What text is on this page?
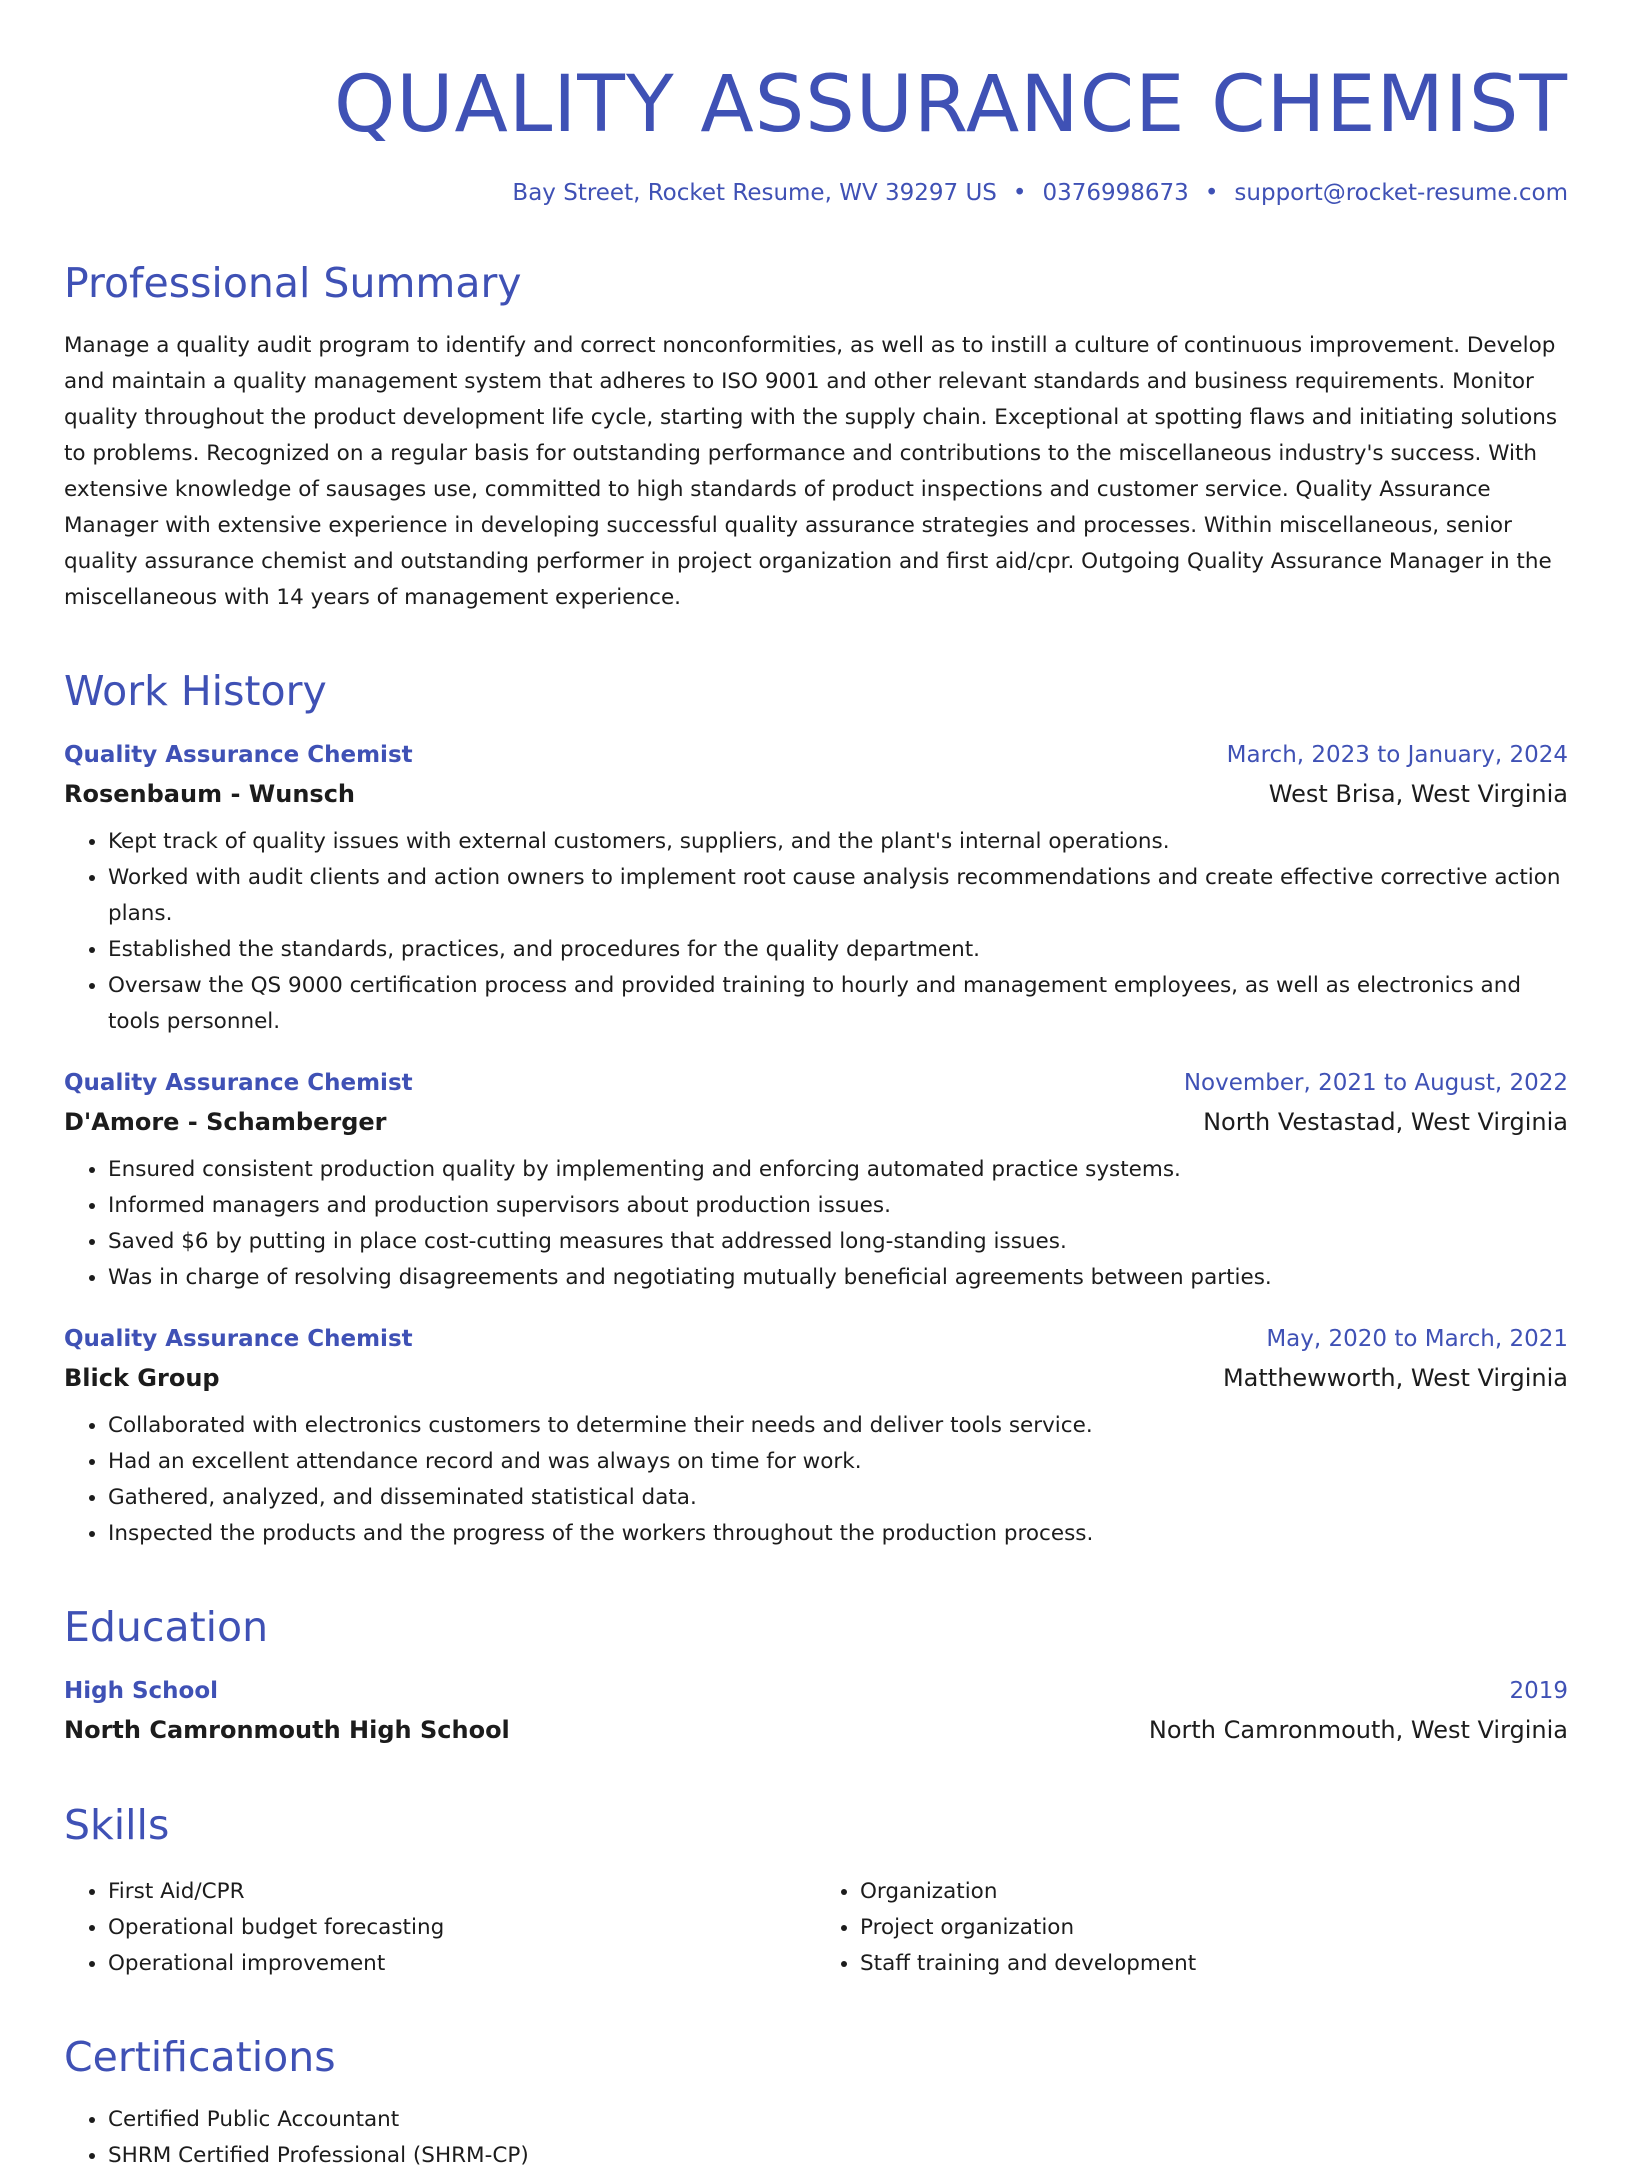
QUALITY ASSURANCE CHEMIST
Bay Street, Rocket Resume, WV 39297 US • 0376998673 • support@rocket-resume.com
Professional Summary

Manage a quality audit program to identify and correct nonconformities, as well as to instill a culture of continuous improvement. Develop and maintain a quality management system that adheres to ISO 9001 and other relevant standards and business requirements. Monitor quality throughout the product development life cycle, starting with the supply chain. Exceptional at spotting flaws and initiating solutions to problems. Recognized on a regular basis for outstanding performance and contributions to the miscellaneous industry's success. With extensive knowledge of sausages use, committed to high standards of product inspections and customer service. Quality Assurance Manager with extensive experience in developing successful quality assurance strategies and processes. Within miscellaneous, senior quality assurance chemist and outstanding performer in project organization and first aid/cpr. Outgoing Quality Assurance Manager in the miscellaneous with 14 years of management experience.

Work History
Quality Assurance Chemist	March, 2023 to January, 2024
Rosenbaum - Wunsch	West Brisa, West Virginia
• Kept track of quality issues with external customers, suppliers, and the plant's internal operations.
• Worked with audit clients and action owners to implement root cause analysis recommendations and create effective corrective action plans.
• Established the standards, practices, and procedures for the quality department.
• Oversaw the QS 9000 certification process and provided training to hourly and management employees, as well as electronics and tools personnel.
Quality Assurance Chemist	November, 2021 to August, 2022
D'Amore - Schamberger	North Vestastad, West Virginia
• Ensured consistent production quality by implementing and enforcing automated practice systems.
• Informed managers and production supervisors about production issues.
• Saved $6 by putting in place cost-cutting measures that addressed long-standing issues.
• Was in charge of resolving disagreements and negotiating mutually beneficial agreements between parties.
Quality Assurance Chemist	May, 2020 to March, 2021
Blick Group	Matthewworth, West Virginia
• Collaborated with electronics customers to determine their needs and deliver tools service.
• Had an excellent attendance record and was always on time for work.
• Gathered, analyzed, and disseminated statistical data.
• Inspected the products and the progress of the workers throughout the production process.
Education
High School	2019
North Camronmouth High School	North Camronmouth, West Virginia
Skills
• First Aid/CPR
• Operational budget forecasting
• Operational improvement
• Organization
• Project organization
• Staff training and development
Certifications
• Certified Public Accountant
• SHRM Certified Professional (SHRM-CP)
